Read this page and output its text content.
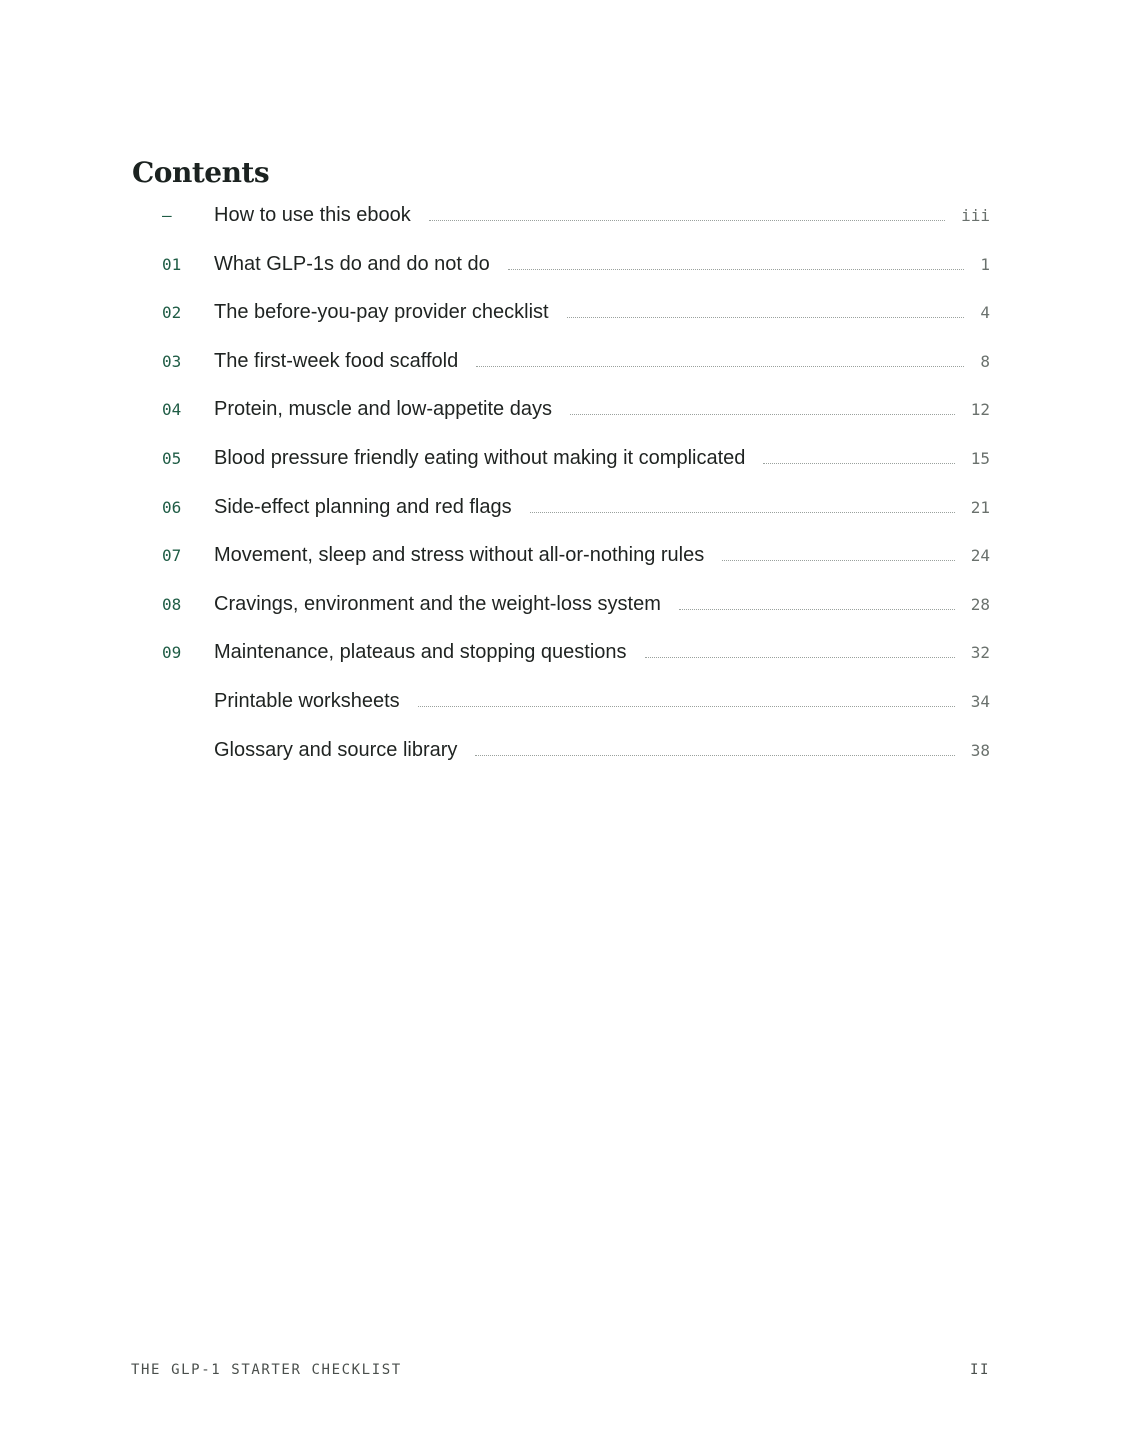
Contents
–	How to use this ebook	iii
01	What GLP-1s do and do not do	1
02	The before-you-pay provider checklist	4
03	The first-week food scaffold	8
04	Protein, muscle and low-appetite days	12
05	Blood pressure friendly eating without making it complicated	15
06	Side-effect planning and red flags	21
07	Movement, sleep and stress without all-or-nothing rules	24
08	Cravings, environment and the weight-loss system	28
09	Maintenance, plateaus and stopping questions	32
Printable worksheets	34
Glossary and source library	38
THE GLP-1 STARTER CHECKLIST	II
